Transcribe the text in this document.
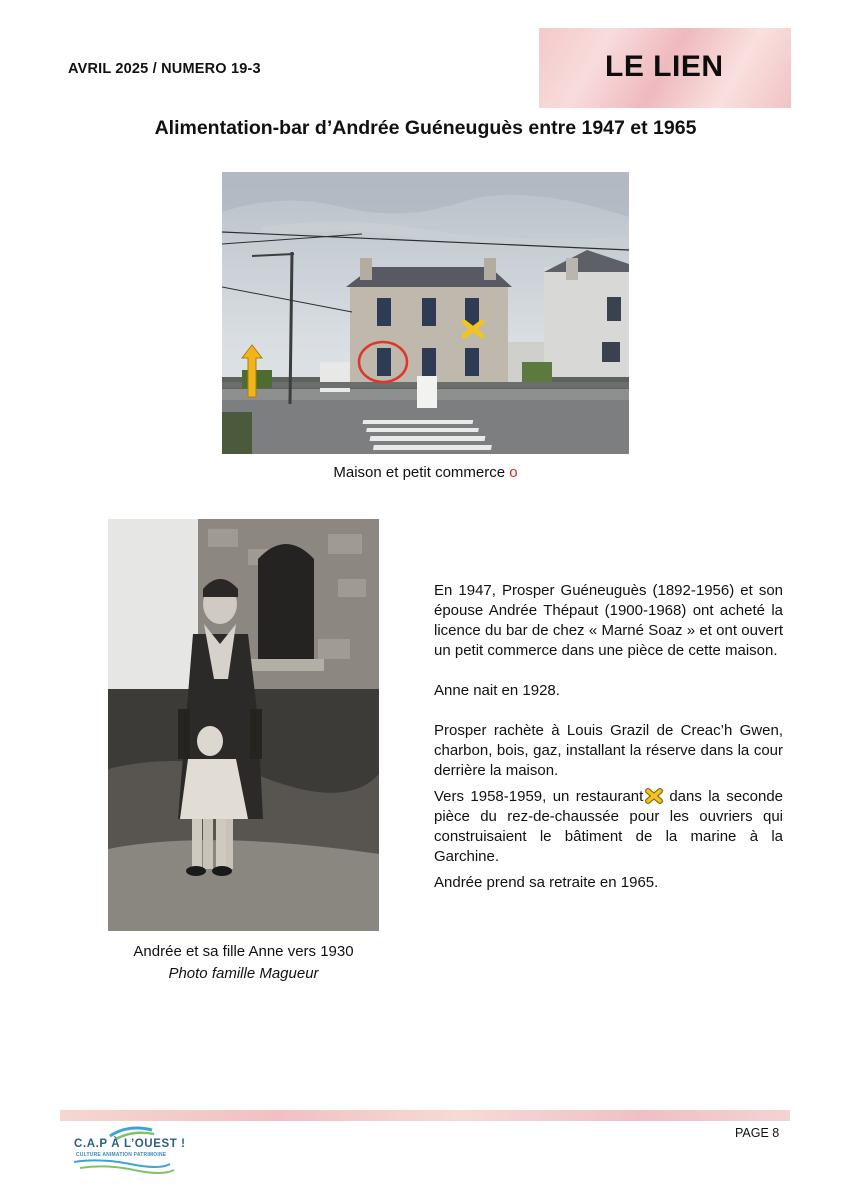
AVRIL 2025 / NUMERO 19-3	LE LIEN
Alimentation-bar d’Andrée Guéneuguès entre 1947 et 1965
Maison et petit commerce o
Andrée et sa fille Anne vers 1930
Photo famille Magueur

En 1947, Prosper Guéneuguès (1892-1956) et son épouse Andrée Thépaut (1900-1968) ont acheté la licence du bar de chez « Marné Soaz » et ont ouvert un petit commerce dans une pièce de cette maison.

Anne nait en 1928.

Prosper rachète à Louis Grazil de Creac’h Gwen, charbon, bois, gaz, installant la réserve dans la cour derrière la maison.

Vers 1958-1959, un restaurant dans la seconde pièce du rez-de-chaussée pour les ouvriers qui construisaient le bâtiment de la marine à la Garchine.

Andrée prend sa retraite en 1965.

C.A.P À L’OUEST !
CULTURE ANIMATION PATRIMOINE
PAGE 8
